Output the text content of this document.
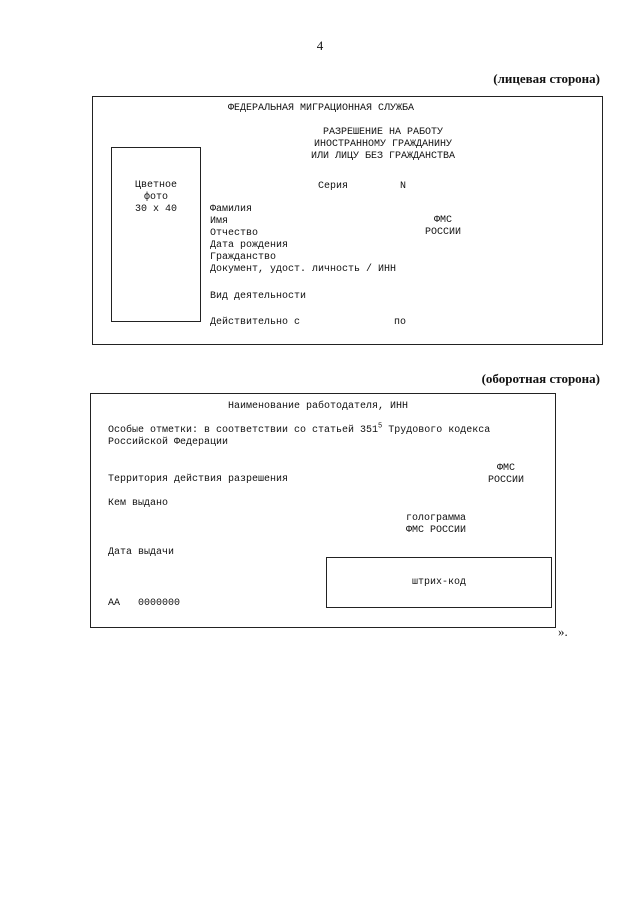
4
(лицевая сторона)
ФЕДЕРАЛЬНАЯ МИГРАЦИОННАЯ СЛУЖБА
РАЗРЕШЕНИЕ НА РАБОТУ
ИНОСТРАННОМУ ГРАЖДАНИНУ
ИЛИ ЛИЦУ БЕЗ ГРАЖДАНСТВА
Цветное
фото
30 х 40
Серия	N
Фамилия
Имя
Отчество
Дата рождения
Гражданство
Документ, удост. личность / ИНН
Вид деятельности
ФМС
РОССИИ
Действительно с	по
(оборотная сторона)
Наименование работодателя, ИНН
Особые отметки: в соответствии со статьей $351^5$ Трудового кодекса
Российской Федерации
ФМС
РОССИИ
Территория действия разрешения
Кем выдано
голограмма
ФМС РОССИИ
Дата выдачи
штрих-код
АА 0000000
».
